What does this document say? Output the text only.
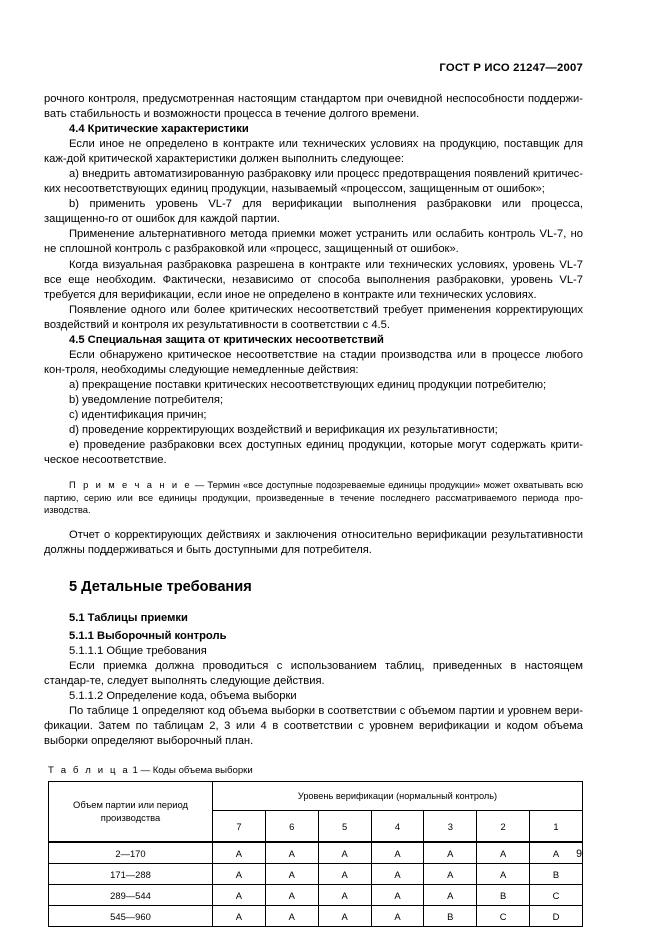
ГОСТ Р ИСО 21247—2007

рочного контроля, предусмотренная настоящим стандартом при очевидной неспособности поддержи-вать стабильность и возможности процесса в течение долгого времени.

4.4 Критические характеристики

Если иное не определено в контракте или технических условиях на продукцию, поставщик для каж-дой критической характеристики должен выполнить следующее:

a) внедрить автоматизированную разбраковку или процесс предотвращения появлений критичес-ких несоответствующих единиц продукции, называемый «процессом, защищенным от ошибок»;

b) применить уровень VL-7 для верификации выполнения разбраковки или процесса, защищенно-го от ошибок для каждой партии.

Применение альтернативного метода приемки может устранить или ослабить контроль VL-7, но не сплошной контроль с разбраковкой или «процесс, защищенный от ошибок».

Когда визуальная разбраковка разрешена в контракте или технических условиях, уровень VL-7 все еще необходим. Фактически, независимо от способа выполнения разбраковки, уровень VL-7 требуется для верификации, если иное не определено в контракте или технических условиях.

Появление одного или более критических несоответствий требует применения корректирующих воздействий и контроля их результативности в соответствии с 4.5.

4.5 Специальная защита от критических несоответствий

Если обнаружено критическое несоответствие на стадии производства или в процессе любого кон-троля, необходимы следующие немедленные действия:

a) прекращение поставки критических несоответствующих единиц продукции потребителю;

b) уведомление потребителя;

c) идентификация причин;

d) проведение корректирующих воздействий и верификация их результативности;

e) проведение разбраковки всех доступных единиц продукции, которые могут содержать крити-ческое несоответствие.

П р и м е ч а н и е — Термин «все доступные подозреваемые единицы продукции» может охватывать всю партию, серию или все единицы продукции, произведенные в течение последнего рассматриваемого периода про-изводства.

Отчет о корректирующих действиях и заключения относительно верификации результативности должны поддерживаться и быть доступными для потребителя.

5 Детальные требования
5.1 Таблицы приемки
5.1.1 Выборочный контроль

5.1.1.1 Общие требования

Если приемка должна проводиться с использованием таблиц, приведенных в настоящем стандар-те, следует выполнять следующие действия.

5.1.1.2 Определение кода, объема выборки

По таблице 1 определяют код объема выборки в соответствии с объемом партии и уровнем вери-фикации. Затем по таблицам 2, 3 или 4 в соответствии с уровнем верификации и кодом объема выборки определяют выборочный план.

Т а б л и ц а 1 — Коды объема выборки
Объем партии или период производства	Уровень верификации (нормальный контроль)						
	7	6	5	4	3	2	1
2—170	A	A	A	A	A	A	A
171—288	A	A	A	A	A	A	B
289—544	A	A	A	A	A	B	C
545—960	A	A	A	A	B	C	D
9
